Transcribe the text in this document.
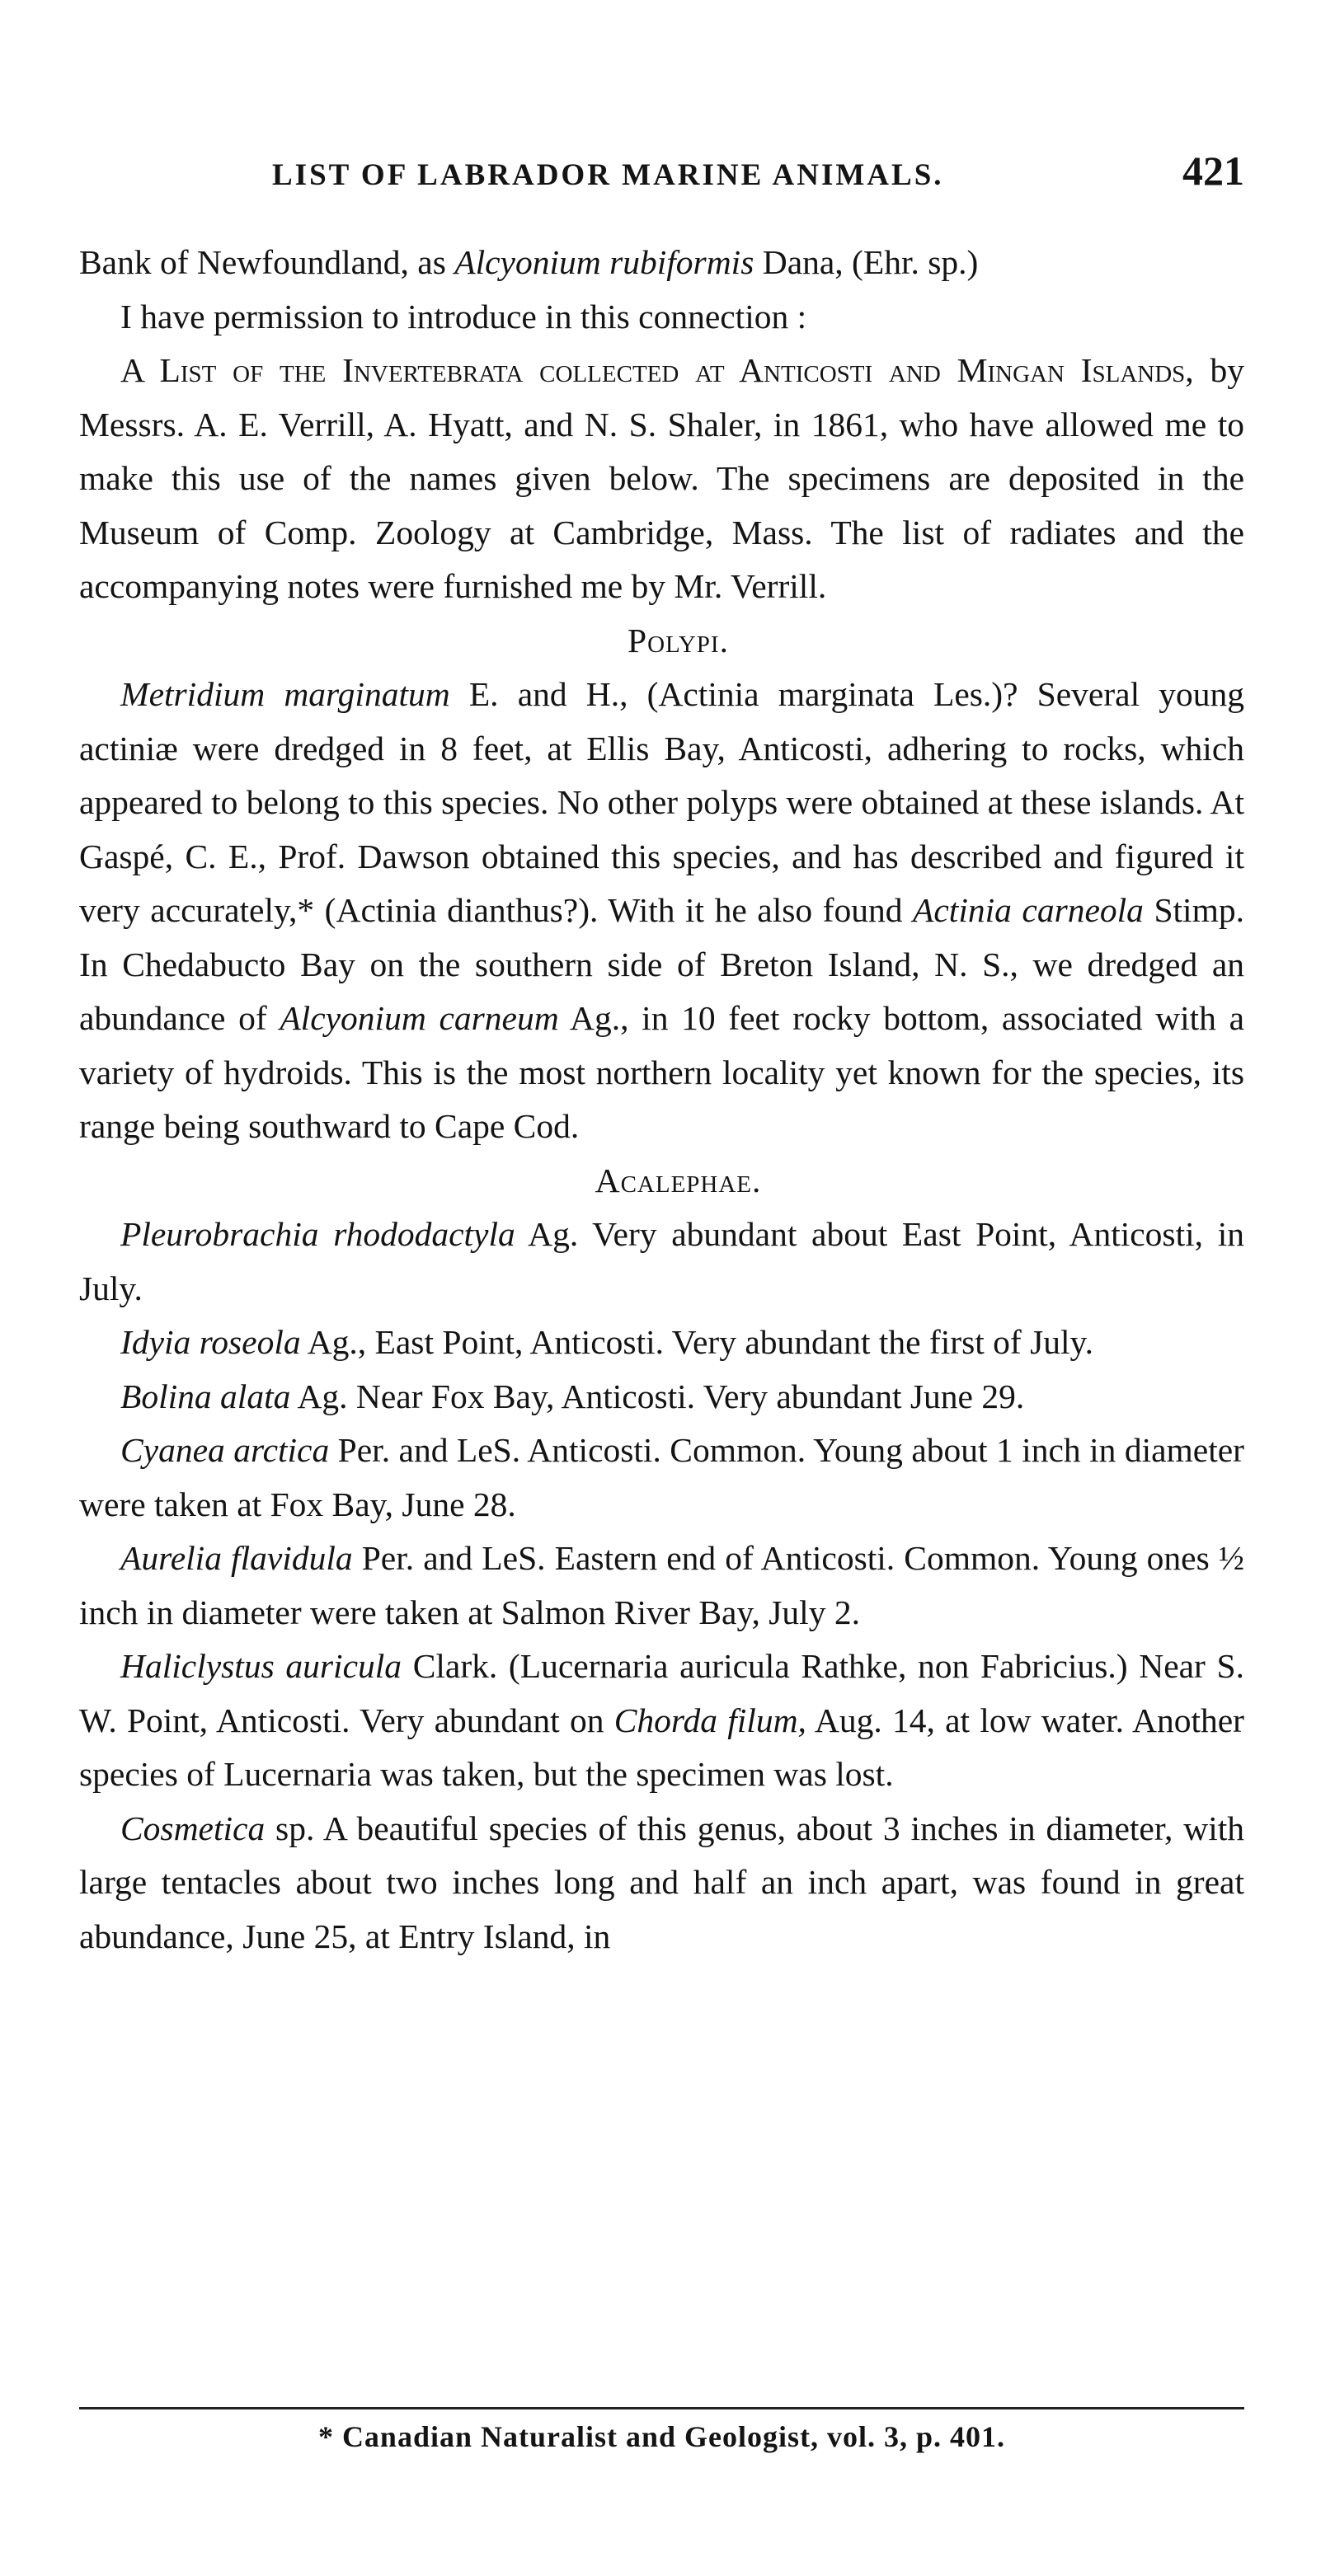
LIST OF LABRADOR MARINE ANIMALS.	421

Bank of Newfoundland, as Alcyonium rubiformis Dana, (Ehr. sp.)

I have permission to introduce in this connection :

A List of the Invertebrata collected at Anticosti and Mingan Islands, by Messrs. A. E. Verrill, A. Hyatt, and N. S. Shaler, in 1861, who have allowed me to make this use of the names given below. The specimens are deposited in the Museum of Comp. Zoology at Cambridge, Mass. The list of radiates and the accompanying notes were furnished me by Mr. Verrill.

Polypi.

Metridium marginatum E. and H., (Actinia marginata Les.)? Several young actiniæ were dredged in 8 feet, at Ellis Bay, Anticosti, adhering to rocks, which appeared to belong to this species. No other polyps were obtained at these islands. At Gaspé, C. E., Prof. Dawson obtained this species, and has described and figured it very accurately,* (Actinia dianthus?). With it he also found Actinia carneola Stimp. In Chedabucto Bay on the southern side of Breton Island, N. S., we dredged an abundance of Alcyonium carneum Ag., in 10 feet rocky bottom, associated with a variety of hydroids. This is the most northern locality yet known for the species, its range being southward to Cape Cod.

Acalephae.

Pleurobrachia rhododactyla Ag. Very abundant about East Point, Anticosti, in July.

Idyia roseola Ag., East Point, Anticosti. Very abundant the first of July.

Bolina alata Ag. Near Fox Bay, Anticosti. Very abundant June 29.

Cyanea arctica Per. and LeS. Anticosti. Common. Young about 1 inch in diameter were taken at Fox Bay, June 28.

Aurelia flavidula Per. and LeS. Eastern end of Anticosti. Common. Young ones ½ inch in diameter were taken at Salmon River Bay, July 2.

Haliclystus auricula Clark. (Lucernaria auricula Rathke, non Fabricius.) Near S. W. Point, Anticosti. Very abundant on Chorda filum, Aug. 14, at low water. Another species of Lucernaria was taken, but the specimen was lost.

Cosmetica sp. A beautiful species of this genus, about 3 inches in diameter, with large tentacles about two inches long and half an inch apart, was found in great abundance, June 25, at Entry Island, in

* Canadian Naturalist and Geologist, vol. 3, p. 401.
